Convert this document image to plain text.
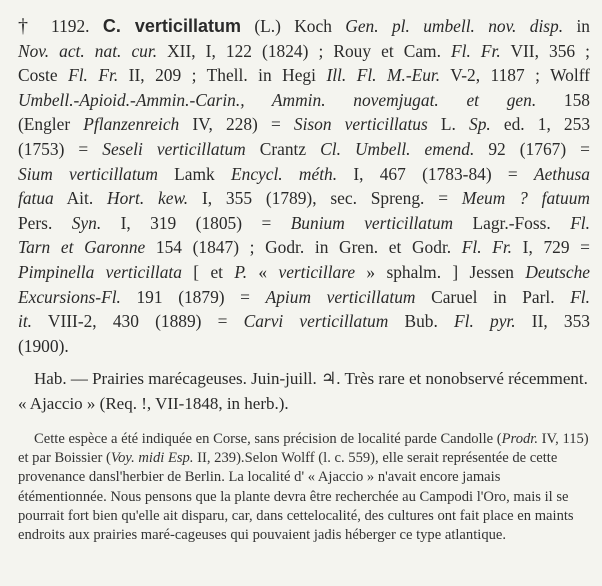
† 1192. C. verticillatum (L.) Koch Gen. pl. umbell. nov. disp. in
Nov. act. nat. cur. XII, I, 122 (1824) ; Rouy et Cam. Fl. Fr. VII, 356 ;
Coste Fl. Fr. II, 209 ; Thell. in Hegi Ill. Fl. M.-Eur. V-2, 1187 ; Wolff
Umbell.-Apioid.-Ammin.-Carin., Ammin. novemjugat. et gen. 158
(Engler Pflanzenreich IV, 228) = Sison verticillatus L. Sp. ed. 1, 253
(1753) = Seseli verticillatum Crantz Cl. Umbell. emend. 92 (1767) =
Sium verticillatum Lamk Encycl. méth. I, 467 (1783-84) = Aethusa
fatua Ait. Hort. kew. I, 355 (1789), sec. Spreng. = Meum ? fatuum
Pers. Syn. I, 319 (1805) = Bunium verticillatum Lagr.-Foss. Fl.
Tarn et Garonne 154 (1847) ; Godr. in Gren. et Godr. Fl. Fr. I, 729 =
Pimpinella verticillata [ et P. « verticillare » sphalm. ] Jessen Deutsche
Excursions-Fl. 191 (1879) = Apium verticillatum Caruel in Parl. Fl.
it. VIII-2, 430 (1889) = Carvi verticillatum Bub. Fl. pyr. II, 353
(1900).
Hab. — Prairies marécageuses. Juin-juill. ♃. Très rare et nonobservé récemment. « Ajaccio » (Req. !, VII-1848, in herb.).
Cette espèce a été indiquée en Corse, sans précision de localité parde Candolle (Prodr. IV, 115) et par Boissier (Voy. midi Esp. II, 239).Selon Wolff (l. c. 559), elle serait représentée de cette provenance dansl'herbier de Berlin. La localité d' « Ajaccio » n'avait encore jamais étémentionnée. Nous pensons que la plante devra être recherchée au Campodi l'Oro, mais il se pourrait fort bien qu'elle ait disparu, car, dans cettelocalité, des cultures ont fait place en maints endroits aux prairies maré-cageuses qui pouvaient jadis héberger ce type atlantique.
